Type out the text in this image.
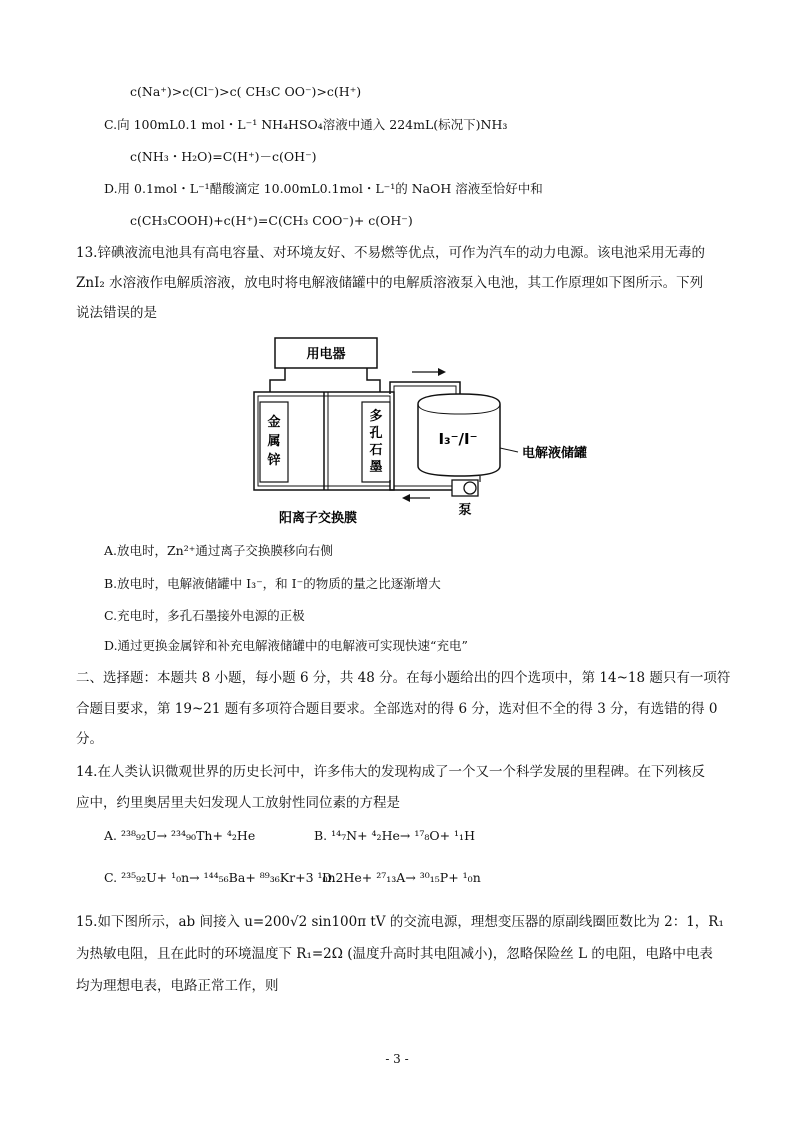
c(Na⁺)>c(Cl⁻)>c( CH₃C OO⁻)>c(H⁺)
C.向 100mL0.1 mol・L⁻¹ NH₄HSO₄溶液中通入 224mL(标况下)NH₃
c(NH₃・H₂O)=C(H⁺)－c(OH⁻)
D.用 0.1mol・L⁻¹醋酸滴定 10.00mL0.1mol・L⁻¹的 NaOH 溶液至恰好中和
c(CH₃COOH)+c(H⁺)=C(CH₃ COO⁻)+ c(OH⁻)
13.锌碘液流电池具有高电容量、对环境友好、不易燃等优点，可作为汽车的动力电源。该电池采用无毒的
ZnI₂ 水溶液作电解质溶液，放电时将电解液储罐中的电解质溶液泵入电池，其工作原理如下图所示。下列
说法错误的是
用电器
金
属
锌
多
孔
石
墨
I₃⁻/I⁻
电解液储罐
泵
阳离子交换膜
A.放电时，Zn²⁺通过离子交换膜移向右侧
B.放电时，电解液储罐中 I₃⁻，和 I⁻的物质的量之比逐渐增大
C.充电时，多孔石墨接外电源的正极
D.通过更换金属锌和补充电解液储罐中的电解液可实现快速“充电”
二、选择题：本题共 8 小题，每小题 6 分，共 48 分。在每小题给出的四个选项中，第 14~18 题只有一项符
合题目要求，第 19~21 题有多项符合题目要求。全部选对的得 6 分，选对但不全的得 3 分，有选错的得 0
分。
14.在人类认识微观世界的历史长河中，许多伟大的发现构成了一个又一个科学发展的里程碑。在下列核反
应中，约里奥居里夫妇发现人工放射性同位素的方程是
A. ²³⁸₉₂U→ ²³⁴₉₀Th+ ⁴₂He	B. ¹⁴₇N+ ⁴₂He→ ¹⁷₈O+ ¹₁H
C. ²³⁵₉₂U+ ¹₀n→ ¹⁴⁴₅₆Ba+ ⁸⁹₃₆Kr+3 ¹₀n
D.2He+ ²⁷₁₃A→ ³⁰₁₅P+ ¹₀n
15.如下图所示，ab 间接入 u=200√2 sin100π tV 的交流电源，理想变压器的原副线圈匝数比为 2：1，R₁
为热敏电阻，且在此时的环境温度下 R₁=2Ω (温度升高时其电阻减小)，忽略保险丝 L 的电阻，电路中电表
均为理想电表，电路正常工作，则
- 3 -
